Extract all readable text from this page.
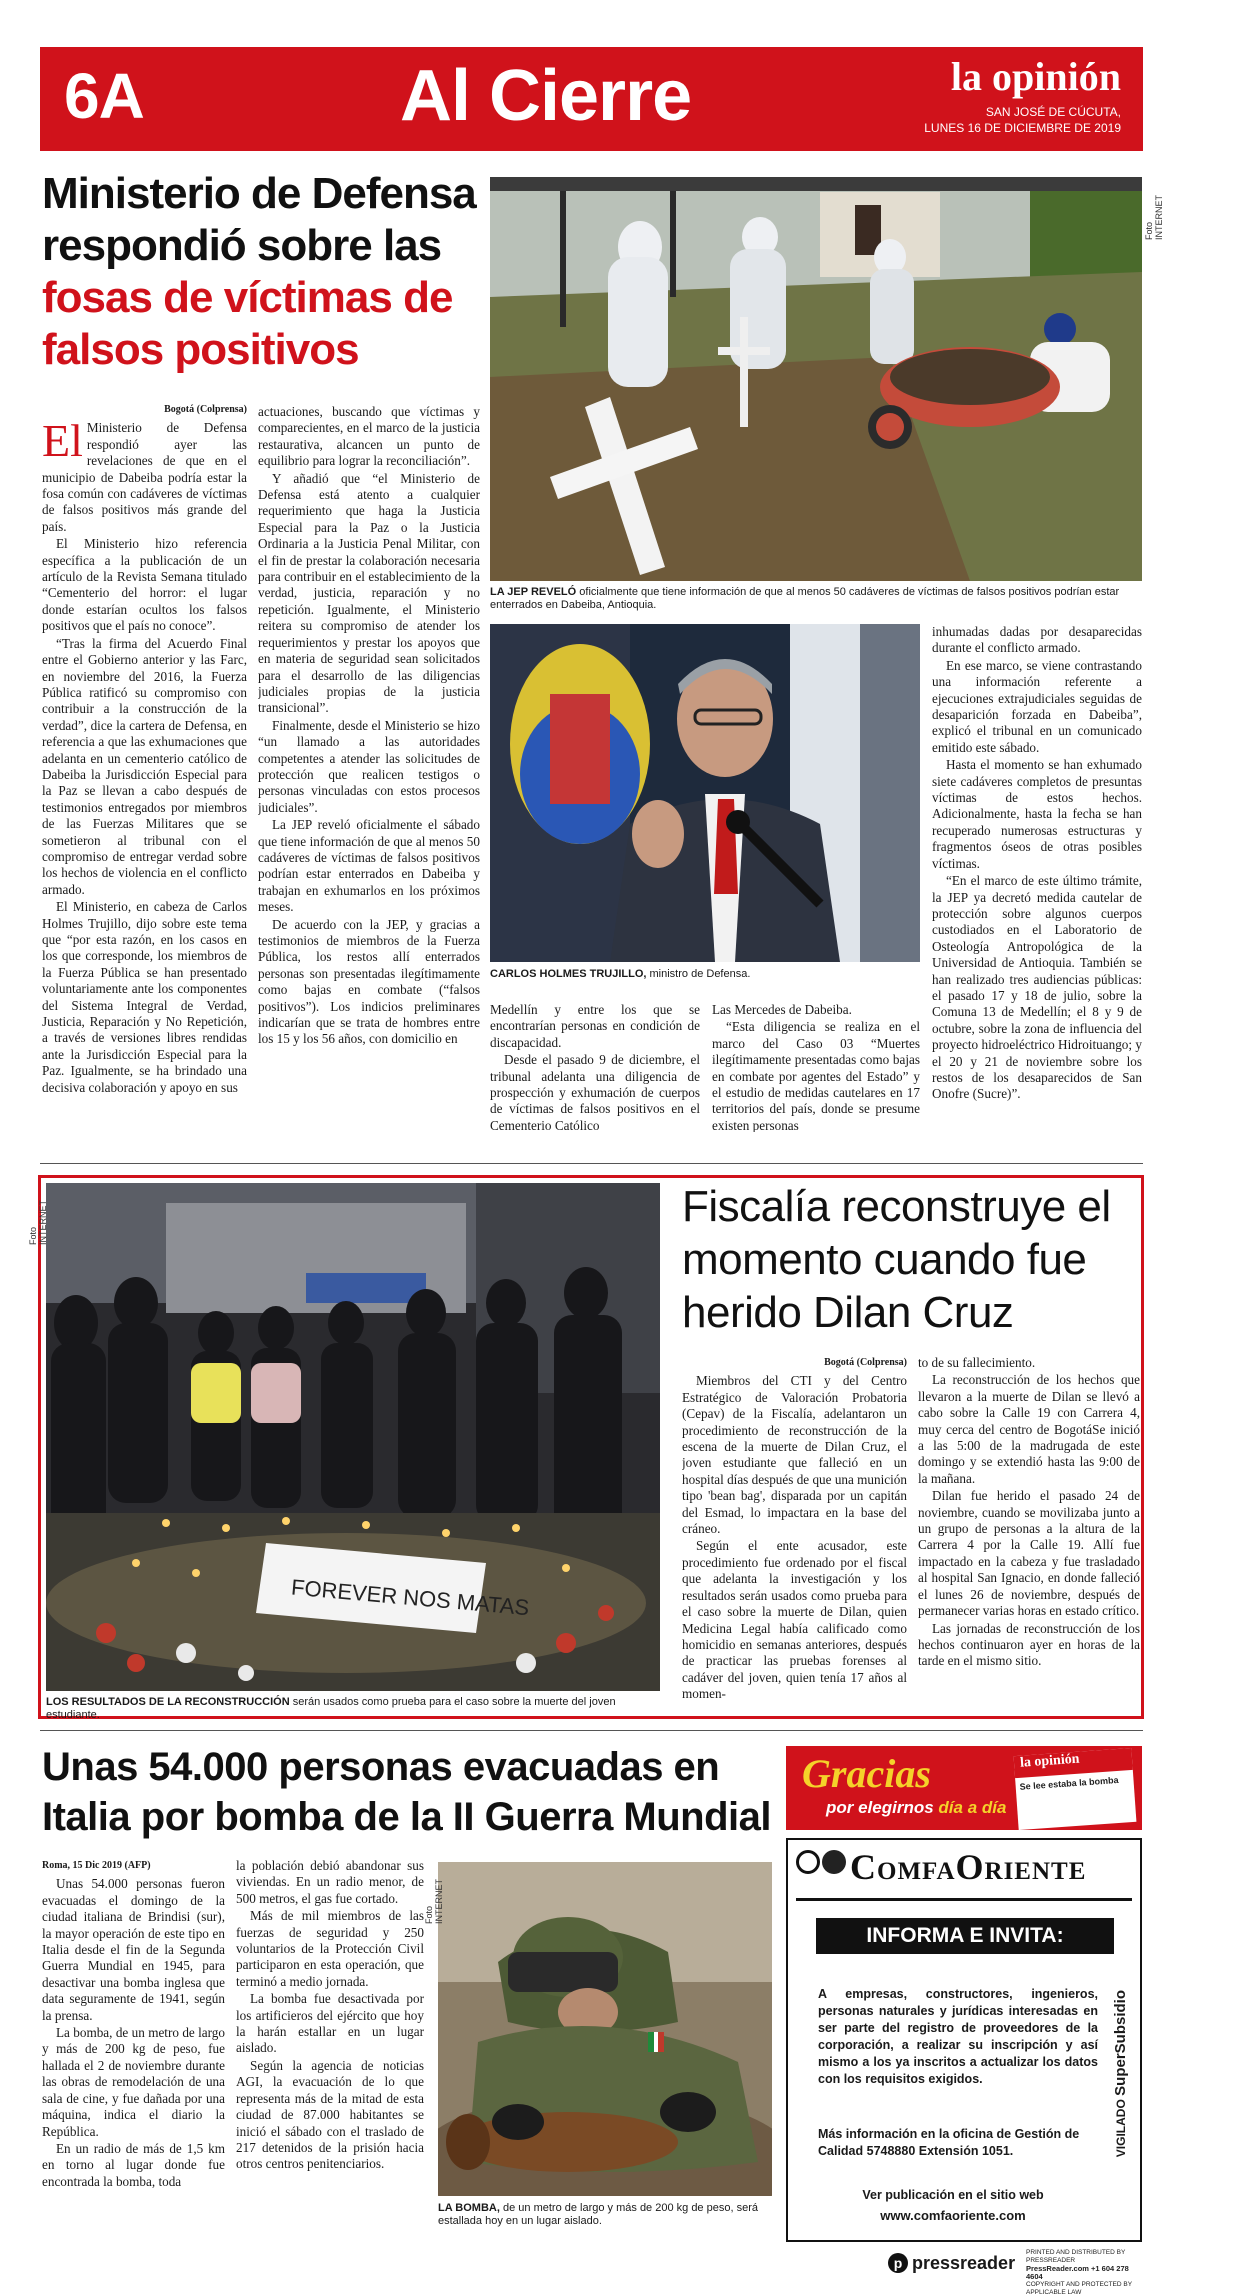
6A	Al Cierre	la opinión
SAN JOSÉ DE CÚCUTA,
LUNES 16 DE DICIEMBRE DE 2019
Ministerio de Defensa respondió sobre las
fosas de víctimas de falsos positivos
Foto INTERNET
LA JEP REVELÓ oficialmente que tiene información de que al menos 50 cadáveres de víctimas de falsos positivos podrían estar enterrados en Dabeiba, Antioquia.
CARLOS HOLMES TRUJILLO, ministro de Defensa.
Bogotá (Colprensa)
El Ministerio de Defensa respondió ayer las revelaciones de que en el municipio de Dabeiba podría estar la fosa común con cadáveres de víctimas de falsos positivos más grande del país.

El Ministerio hizo referencia específica a la publicación de un artículo de la Revista Semana titulado “Cementerio del horror: el lugar donde estarían ocultos los falsos positivos que el país no conoce”.

“Tras la firma del Acuerdo Final entre el Gobierno anterior y las Farc, en noviembre del 2016, la Fuerza Pública ratificó su compromiso con contribuir a la construcción de la verdad”, dice la cartera de Defensa, en referencia a que las exhumaciones que adelanta en un cementerio católico de Dabeiba la Jurisdicción Especial para la Paz se llevan a cabo después de testimonios entregados por miembros de las Fuerzas Militares que se sometieron al tribunal con el compromiso de entregar verdad sobre los hechos de violencia en el conflicto armado.

El Ministerio, en cabeza de Carlos Holmes Trujillo, dijo sobre este tema que “por esta razón, en los casos en los que corresponde, los miembros de la Fuerza Pública se han presentado voluntariamente ante los componentes del Sistema Integral de Verdad, Justicia, Reparación y No Repetición, a través de versiones libres rendidas ante la Jurisdicción Especial para la Paz. Igualmente, se ha brindado una decisiva colaboración y apoyo en sus

actuaciones, buscando que víctimas y comparecientes, en el marco de la justicia restaurativa, alcancen un punto de equilibrio para lograr la reconciliación”.

Y añadió que “el Ministerio de Defensa está atento a cualquier requerimiento que haga la Justicia Especial para la Paz o la Justicia Ordinaria a la Justicia Penal Militar, con el fin de prestar la colaboración necesaria para contribuir en el establecimiento de la verdad, justicia, reparación y no repetición. Igualmente, el Ministerio reitera su compromiso de atender los requerimientos y prestar los apoyos que en materia de seguridad sean solicitados para el desarrollo de las diligencias judiciales propias de la justicia transicional”.

Finalmente, desde el Ministerio se hizo “un llamado a las autoridades competentes a atender las solicitudes de protección que realicen testigos o personas vinculadas con estos procesos judiciales”.

La JEP reveló oficialmente el sábado que tiene información de que al menos 50 cadáveres de víctimas de falsos positivos podrían estar enterrados en Dabeiba y trabajan en exhumarlos en los próximos meses.

De acuerdo con la JEP, y gracias a testimonios de miembros de la Fuerza Pública, los restos allí enterrados personas son presentadas ilegítimamente como bajas en combate (“falsos positivos”). Los indicios preliminares indicarían que se trata de hombres entre los 15 y los 56 años, con domicilio en

Medellín y entre los que se encontrarían personas en condición de discapacidad.

Desde el pasado 9 de diciembre, el tribunal adelanta una diligencia de prospección y exhumación de cuerpos de víctimas de falsos positivos en el Cementerio Católico

Las Mercedes de Dabeiba.

“Esta diligencia se realiza en el marco del Caso 03 “Muertes ilegítimamente presentadas como bajas en combate por agentes del Estado” y el estudio de medidas cautelares en 17 territorios del país, donde se presume existen personas

inhumadas dadas por desaparecidas durante el conflicto armado.

En ese marco, se viene contrastando una información referente a ejecuciones extrajudiciales seguidas de desaparición forzada en Dabeiba”, explicó el tribunal en un comunicado emitido este sábado.

Hasta el momento se han exhumado siete cadáveres completos de presuntas víctimas de estos hechos. Adicionalmente, hasta la fecha se han recuperado numerosas estructuras y fragmentos óseos de otras posibles víctimas.

“En el marco de este último trámite, la JEP ya decretó medida cautelar de protección sobre algunos cuerpos custodiados en el Laboratorio de Osteología Antropológica de la Universidad de Antioquia. También se han realizado tres audiencias públicas: el pasado 17 y 18 de julio, sobre la Comuna 13 de Medellín; el 8 y 9 de octubre, sobre la zona de influencia del proyecto hidroeléctrico Hidroituango; y el 20 y 21 de noviembre sobre los restos de los desaparecidos de San Onofre (Sucre)”.

FOREVER NOS MATAS
Foto INTERNET
LOS RESULTADOS DE LA RECONSTRUCCIÓN serán usados como prueba para el caso sobre la muerte del joven estudiante.
Fiscalía reconstruye el momento cuando fue herido Dilan Cruz
Bogotá (Colprensa)

Miembros del CTI y del Centro Estratégico de Valoración Probatoria (Cepav) de la Fiscalía, adelantaron un procedimiento de reconstrucción de la escena de la muerte de Dilan Cruz, el joven estudiante que falleció en un hospital días después de que una munición tipo 'bean bag', disparada por un capitán del Esmad, lo impactara en la base del cráneo.

Según el ente acusador, este procedimiento fue ordenado por el fiscal que adelanta la investigación y los resultados serán usados como prueba para el caso sobre la muerte de Dilan, quien Medicina Legal había calificado como homicidio en semanas anteriores, después de practicar las pruebas forenses al cadáver del joven, quien tenía 17 años al momen-

to de su fallecimiento.

La reconstrucción de los hechos que llevaron a la muerte de Dilan se llevó a cabo sobre la Calle 19 con Carrera 4, muy cerca del centro de BogotáSe inició a las 5:00 de la madrugada de este domingo y se extendió hasta las 9:00 de la mañana.

Dilan fue herido el pasado 24 de noviembre, cuando se movilizaba junto a un grupo de personas a la altura de la Carrera 4 por la Calle 19. Allí fue impactado en la cabeza y fue trasladado al hospital San Ignacio, en donde falleció el lunes 26 de noviembre, después de permanecer varias horas en estado crítico.

Las jornadas de reconstrucción de los hechos continuaron ayer en horas de la tarde en el mismo sitio.

Unas 54.000 personas evacuadas en Italia por bomba de la II Guerra Mundial
Roma, 15 Dic 2019 (AFP)

Unas 54.000 personas fueron evacuadas el domingo de la ciudad italiana de Brindisi (sur), la mayor operación de este tipo en Italia desde el fin de la Segunda Guerra Mundial en 1945, para desactivar una bomba inglesa que data seguramente de 1941, según la prensa.

La bomba, de un metro de largo y más de 200 kg de peso, fue hallada el 2 de noviembre durante las obras de remodelación de una sala de cine, y fue dañada por una máquina, indica el diario la República.

En un radio de más de 1,5 km en torno al lugar donde fue encontrada la bomba, toda

la población debió abandonar sus viviendas. En un radio menor, de 500 metros, el gas fue cortado.

Más de mil miembros de las fuerzas de seguridad y 250 voluntarios de la Protección Civil participaron en esta operación, que terminó a medio jornada.

La bomba fue desactivada por los artificieros del ejército que hoy la harán estallar en un lugar aislado.

Según la agencia de noticias AGI, la evacuación de lo que representa más de la mitad de esta ciudad de 87.000 habitantes se inició el sábado con el traslado de 217 detenidos de la prisión hacia otros centros penitenciarios.

Foto INTERNET
LA BOMBA, de un metro de largo y más de 200 kg de peso, será estallada hoy en un lugar aislado.
Gracias
por elegirnos día a día
la opinión
Se lee estaba la bomba
ComfaOriente
INFORMA E INVITA:
A empresas, constructores, ingenieros, personas naturales y jurídicas interesadas en ser parte del registro de proveedores de la corporación, a realizar su inscripción y así mismo a los ya inscritos a actualizar los datos con los requisitos exigidos.
Más información en la oficina de Gestión de Calidad 5748880 Extensión 1051.
Ver publicación en el sitio web
www.comfaoriente.com
VIGILADO SuperSubsidio
p pressreader PRINTED AND DISTRIBUTED BY PRESSREADER
PressReader.com +1 604 278 4604
COPYRIGHT AND PROTECTED BY APPLICABLE LAW
